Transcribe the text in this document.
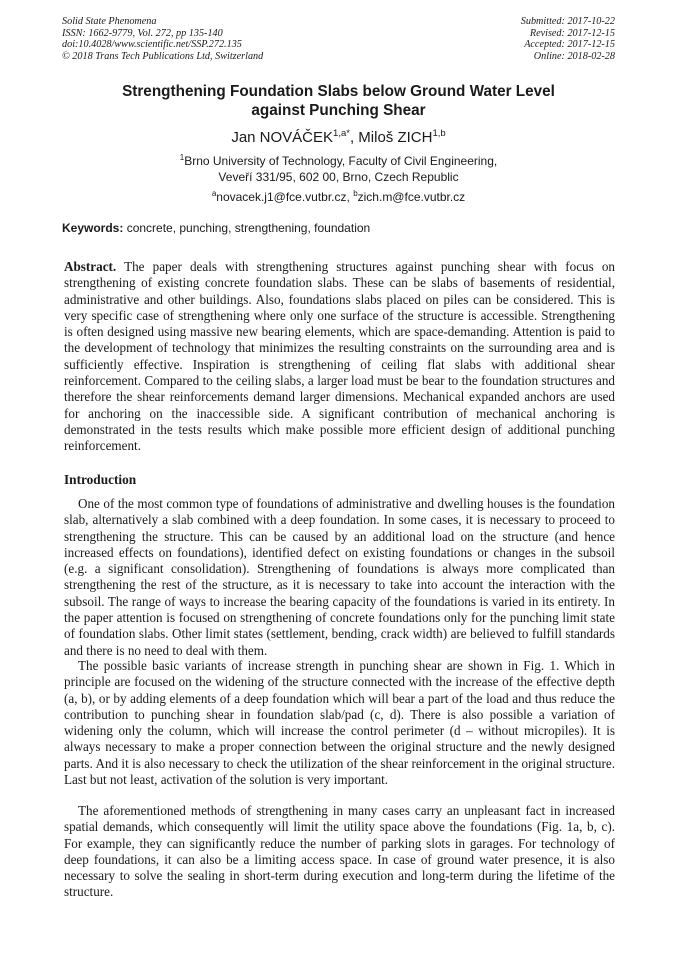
Solid State Phenomena
ISSN: 1662-9779, Vol. 272, pp 135-140
doi:10.4028/www.scientific.net/SSP.272.135
© 2018 Trans Tech Publications Ltd, Switzerland
Submitted: 2017-10-22
Revised: 2017-12-15
Accepted: 2017-12-15
Online: 2018-02-28
Strengthening Foundation Slabs below Ground Water Level
against Punching Shear
Jan $NOVÁČEK^{1,a*}$, Miloš ZICH$^{1,b}$
$^1$Brno University of Technology, Faculty of Civil Engineering,
Veveří 331/95, 602 00, Brno, Czech Republic
$^a$novacek.j1@fce.vutbr.cz, $^b$zich.m@fce.vutbr.cz
Keywords: concrete, punching, strengthening, foundation
Abstract. The paper deals with strengthening structures against punching shear with focus on strengthening of existing concrete foundation slabs. These can be slabs of basements of residential, administrative and other buildings. Also, foundations slabs placed on piles can be considered. This is very specific case of strengthening where only one surface of the structure is accessible. Strengthening is often designed using massive new bearing elements, which are space-demanding. Attention is paid to the development of technology that minimizes the resulting constraints on the surrounding area and is sufficiently effective. Inspiration is strengthening of ceiling flat slabs with additional shear reinforcement. Compared to the ceiling slabs, a larger load must be bear to the foundation structures and therefore the shear reinforcements demand larger dimensions. Mechanical expanded anchors are used for anchoring on the inaccessible side. A significant contribution of mechanical anchoring is demonstrated in the tests results which make possible more efficient design of additional punching reinforcement.
Introduction
One of the most common type of foundations of administrative and dwelling houses is the foundation slab, alternatively a slab combined with a deep foundation. In some cases, it is necessary to proceed to strengthening the structure. This can be caused by an additional load on the structure (and hence increased effects on foundations), identified defect on existing foundations or changes in the subsoil (e.g. a significant consolidation). Strengthening of foundations is always more complicated than strengthening the rest of the structure, as it is necessary to take into account the interaction with the subsoil. The range of ways to increase the bearing capacity of the foundations is varied in its entirety. In the paper attention is focused on strengthening of concrete foundations only for the punching limit state of foundation slabs. Other limit states (settlement, bending, crack width) are believed to fulfill standards and there is no need to deal with them.
The possible basic variants of increase strength in punching shear are shown in Fig. 1. Which in principle are focused on the widening of the structure connected with the increase of the effective depth (a, b), or by adding elements of a deep foundation which will bear a part of the load and thus reduce the contribution to punching shear in foundation slab/pad (c, d). There is also possible a variation of widening only the column, which will increase the control perimeter (d – without micropiles). It is always necessary to make a proper connection between the original structure and the newly designed parts. And it is also necessary to check the utilization of the shear reinforcement in the original structure. Last but not least, activation of the solution is very important.
The aforementioned methods of strengthening in many cases carry an unpleasant fact in increased spatial demands, which consequently will limit the utility space above the foundations (Fig. 1a, b, c). For example, they can significantly reduce the number of parking slots in garages. For technology of deep foundations, it can also be a limiting access space. In case of ground water presence, it is also necessary to solve the sealing in short-term during execution and long-term during the lifetime of the structure.
